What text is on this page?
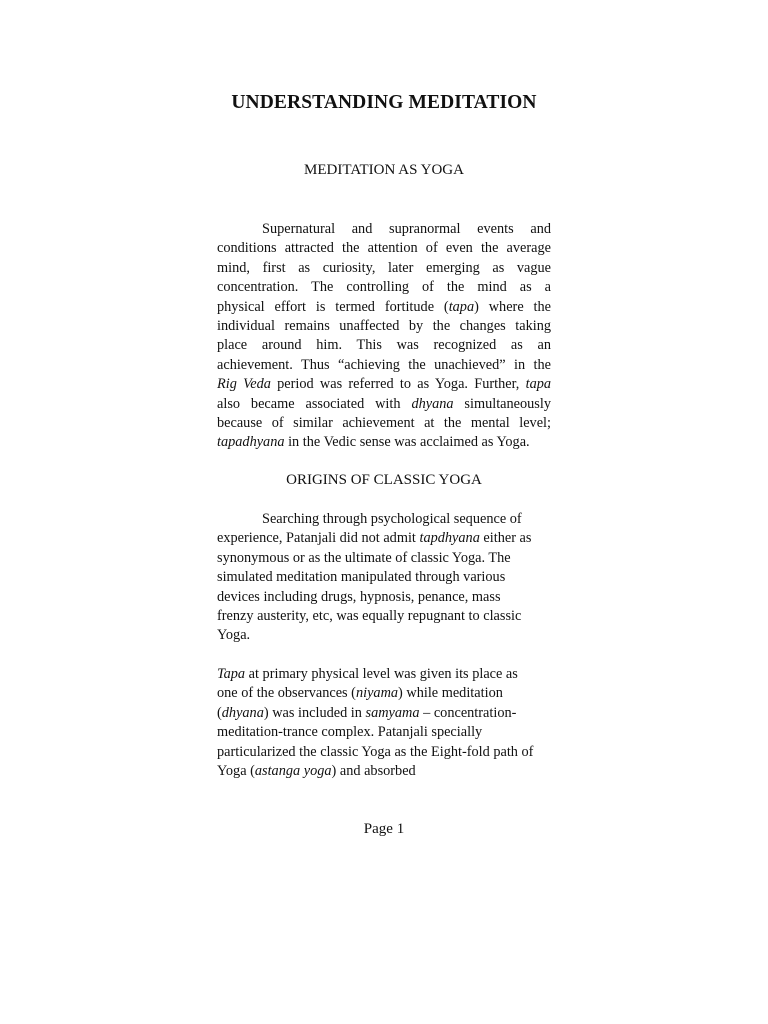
UNDERSTANDING MEDITATION
MEDITATION AS YOGA
Supernatural and supranormal events and
conditions attracted the attention of even the average
mind, first as curiosity, later emerging as vague
concentration. The controlling of the mind as a
physical effort is termed fortitude (tapa) where the
individual remains unaffected by the changes taking
place around him. This was recognized as an
achievement. Thus “achieving the unachieved” in the
Rig Veda period was referred to as Yoga. Further, tapa
also became associated with dhyana simultaneously
because of similar achievement at the mental level;
tapadhyana in the Vedic sense was acclaimed as Yoga.
ORIGINS OF CLASSIC YOGA
Searching through psychological sequence of
experience, Patanjali did not admit tapdhyana either as
synonymous or as the ultimate of classic Yoga. The
simulated meditation manipulated through various
devices including drugs, hypnosis, penance, mass
frenzy austerity, etc, was equally repugnant to classic
Yoga.
Tapa at primary physical level was given its place as
one of the observances (niyama) while meditation
(dhyana) was included in samyama – concentration-
meditation-trance complex. Patanjali specially
particularized the classic Yoga as the Eight-fold path of
Yoga (astanga yoga) and absorbed
Page 1
